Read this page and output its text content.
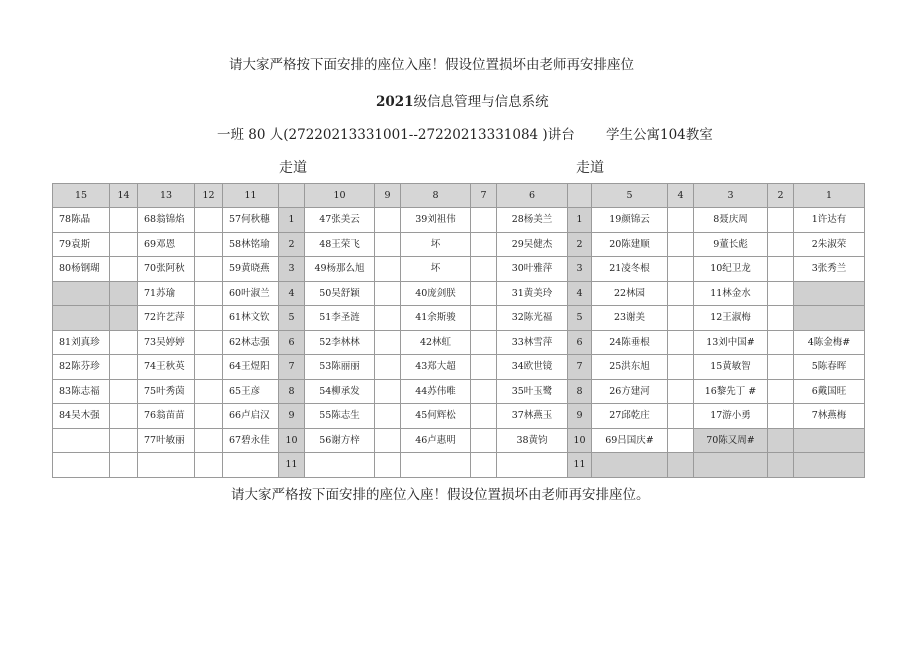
请大家严格按下面安排的座位入座！假设位置损坏由老师再安排座位
2021级信息管理与信息系统
一班 80 人(27220213331001--27220213331084 )讲台 学生公寓104教室
走道	走道
15	14	13	12	11		10	9	8	7	6		5	4	3	2	1
78陈晶		68翁锦焰		57何秋穗	1	47张美云		39刘祖伟		28杨美兰	1	19颜锦云		8聂庆周		1许达有
79袁斯		69邓恩		58林铭瑜	2	48王荣飞		坏		29吴健杰	2	20陈建顺		9董长彪		2朱淑荣
80杨钢瑚		70张阿秋		59黄晓燕	3	49杨那么旭		坏		30叶雅萍	3	21凌冬根		10纪卫龙		3张秀兰
		71苏瑜		60叶淑兰	4	50吴舒颖		40庞剑朕		31黄美玲	4	22林园		11林金水		
		72许艺萍		61林文钦	5	51李圣涟		41余斯骏		32陈光福	5	23谢美		12王淑梅		
81刘真珍		73吴婷婷		62林志强	6	52李林林		42林虹		33林雪萍	6	24陈垂根		13刘中国#		4陈金梅#
82陈芬珍		74王秋英		64王煜阳	7	53陈丽丽		43郑大超		34欧世镜	7	25洪东旭		15黄敏智		5陈春晖
83陈志福		75叶秀茵		65王彦	8	54柳承发		44苏伟唯		35叶玉鹭	8	26方建河		16黎先丁 #		6戴国旺
84吴木强		76翁苗苗		66卢启汉	9	55陈志生		45何辉松		37林燕玉	9	27邱乾庄		17游小勇		7林燕梅
		77叶敏丽		67碧永佳	10	56谢方梓		46卢惠明		38黄钧	10	69吕国庆#		70陈又周#		
					11						11					
请大家严格按下面安排的座位入座！假设位置损坏由老师再安排座位。
